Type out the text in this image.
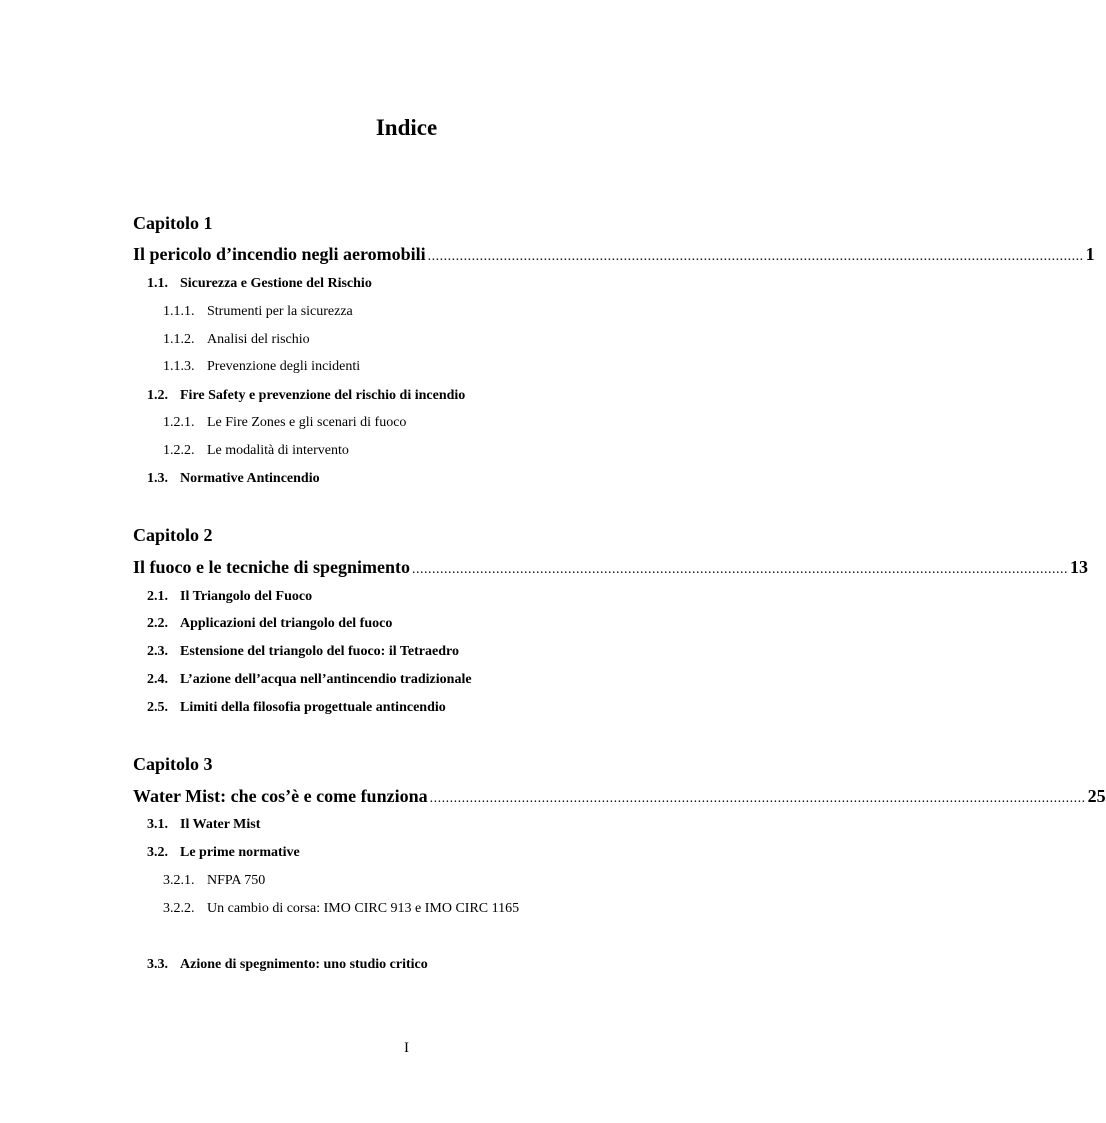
Indice
Capitolo 1
Il pericolo d’incendio negli aeromobili .................................................................................................................................................................... 1
1.1. Sicurezza e Gestione del Rischio
1.1.1. Strumenti per la sicurezza
1.1.2. Analisi del rischio
1.1.3. Prevenzione degli incidenti
1.2. Fire Safety e prevenzione del rischio di incendio
1.2.1. Le Fire Zones e gli scenari di fuoco
1.2.2. Le modalità di intervento
1.3. Normative Antincendio
Capitolo 2
Il fuoco e le tecniche di spegnimento .................................................................................................................................................................... 13
2.1. Il Triangolo del Fuoco
2.2. Applicazioni del triangolo del fuoco
2.3. Estensione del triangolo del fuoco: il Tetraedro
2.4. L’azione dell’acqua nell’antincendio tradizionale
2.5. Limiti della filosofia progettuale antincendio
Capitolo 3
Water Mist: che cos’è e come funziona .................................................................................................................................................................... 25
3.1. Il Water Mist
3.2. Le prime normative
3.2.1. NFPA 750
3.2.2. Un cambio di corsa: IMO CIRC 913 e IMO CIRC 1165
3.3. Azione di spegnimento: uno studio critico
I
